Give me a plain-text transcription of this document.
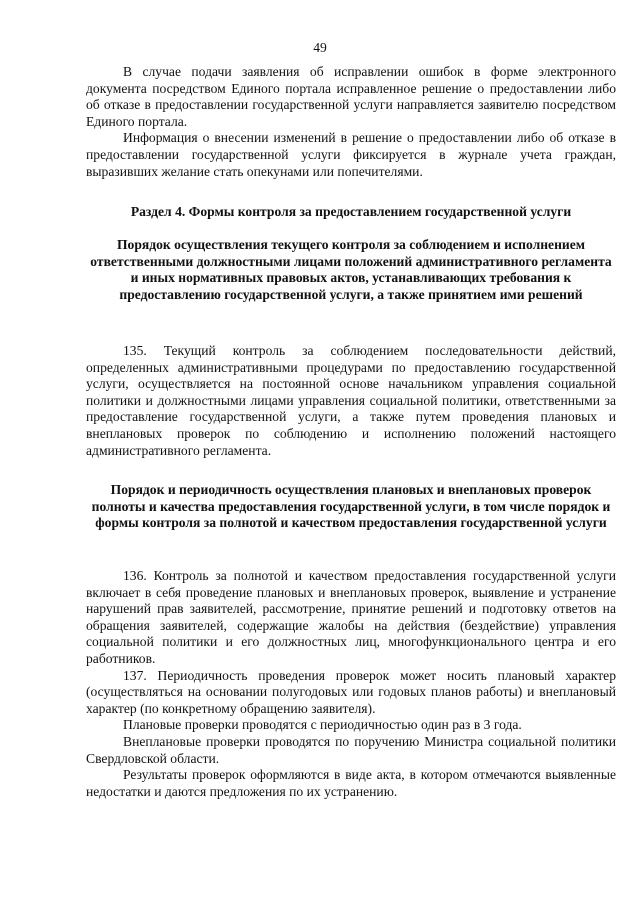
49

В случае подачи заявления об исправлении ошибок в форме электронного документа посредством Единого портала исправленное решение о предоставлении либо об отказе в предоставлении государственной услуги направляется заявителю посредством Единого портала.

Информация о внесении изменений в решение о предоставлении либо об отказе в предоставлении государственной услуги фиксируется в журнале учета граждан, выразивших желание стать опекунами или попечителями.

Раздел 4. Формы контроля за предоставлением государственной услуги

Порядок осуществления текущего контроля за соблюдением и исполнением ответственными должностными лицами положений административного регламента и иных нормативных правовых актов, устанавливающих требования к предоставлению государственной услуги, а также принятием ими решений

135. Текущий контроль за соблюдением последовательности действий, определенных административными процедурами по предоставлению государственной услуги, осуществляется на постоянной основе начальником управления социальной политики и должностными лицами управления социальной политики, ответственными за предоставление государственной услуги, а также путем проведения плановых и внеплановых проверок по соблюдению и исполнению положений настоящего административного регламента.

Порядок и периодичность осуществления плановых и внеплановых проверок полноты и качества предоставления государственной услуги, в том числе порядок и формы контроля за полнотой и качеством предоставления государственной услуги

136. Контроль за полнотой и качеством предоставления государственной услуги включает в себя проведение плановых и внеплановых проверок, выявление и устранение нарушений прав заявителей, рассмотрение, принятие решений и подготовку ответов на обращения заявителей, содержащие жалобы на действия (бездействие) управления социальной политики и его должностных лиц, многофункционального центра и его работников.

137. Периодичность проведения проверок может носить плановый характер (осуществляться на основании полугодовых или годовых планов работы) и внеплановый характер (по конкретному обращению заявителя).

Плановые проверки проводятся с периодичностью один раз в 3 года.

Внеплановые проверки проводятся по поручению Министра социальной политики Свердловской области.

Результаты проверок оформляются в виде акта, в котором отмечаются выявленные недостатки и даются предложения по их устранению.
